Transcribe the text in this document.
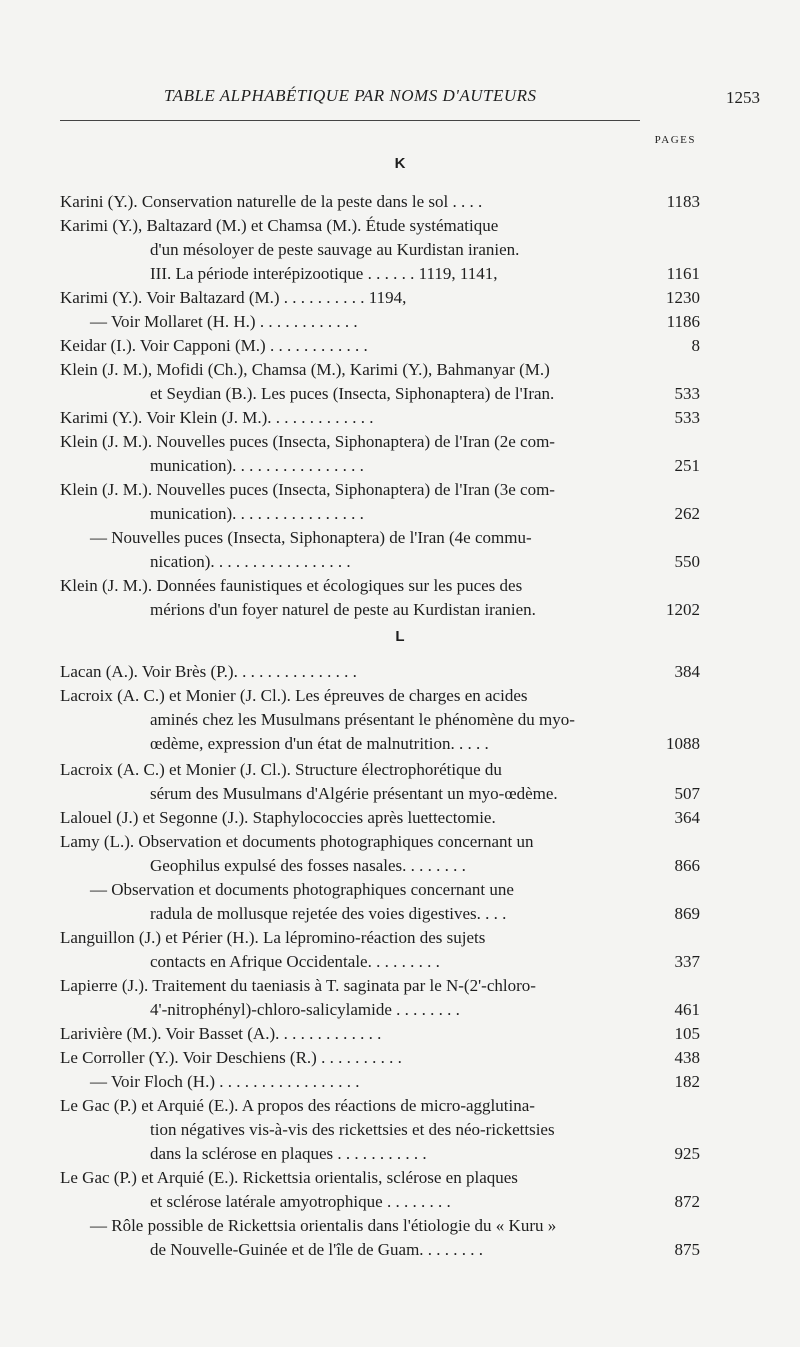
TABLE ALPHABÉTIQUE PAR NOMS D'AUTEURS	1253
PAGES
K
Karini (Y.). Conservation naturelle de la peste dans le sol . . . .	1183
Karimi (Y.), Baltazard (M.) et Chamsa (M.). Étude systématique
d'un mésoloyer de peste sauvage au Kurdistan iranien.
III. La période interépizootique . . . . . . 1119, 1141,	1161
Karimi (Y.). Voir Baltazard (M.) . . . . . . . . . . 1194,	1230
— Voir Mollaret (H. H.) . . . . . . . . . . . .	1186
Keidar (I.). Voir Capponi (M.) . . . . . . . . . . . .	8
Klein (J. M.), Mofidi (Ch.), Chamsa (M.), Karimi (Y.), Bahmanyar (M.)
et Seydian (B.). Les puces (Insecta, Siphonaptera) de l'Iran.	533
Karimi (Y.). Voir Klein (J. M.). . . . . . . . . . . . .	533
Klein (J. M.). Nouvelles puces (Insecta, Siphonaptera) de l'Iran (2e com-
munication). . . . . . . . . . . . . . . .	251
Klein (J. M.). Nouvelles puces (Insecta, Siphonaptera) de l'Iran (3e com-
munication). . . . . . . . . . . . . . . .	262
— Nouvelles puces (Insecta, Siphonaptera) de l'Iran (4e commu-
nication). . . . . . . . . . . . . . . . .	550
Klein (J. M.). Données faunistiques et écologiques sur les puces des
mérions d'un foyer naturel de peste au Kurdistan iranien.	1202
L
Lacan (A.). Voir Brès (P.). . . . . . . . . . . . . . .	384
Lacroix (A. C.) et Monier (J. Cl.). Les épreuves de charges en acides
aminés chez les Musulmans présentant le phénomène du myo-
œdème, expression d'un état de malnutrition. . . . .	1088
Lacroix (A. C.) et Monier (J. Cl.). Structure électrophorétique du
sérum des Musulmans d'Algérie présentant un myo-œdème.	507
Lalouel (J.) et Segonne (J.). Staphylococcies après luettectomie.	364
Lamy (L.). Observation et documents photographiques concernant un
Geophilus expulsé des fosses nasales. . . . . . . .	866
— Observation et documents photographiques concernant une
radula de mollusque rejetée des voies digestives. . . .	869
Languillon (J.) et Périer (H.). La lépromino-réaction des sujets
contacts en Afrique Occidentale. . . . . . . . .	337
Lapierre (J.). Traitement du taeniasis à T. saginata par le N-(2'-chloro-
4'-nitrophényl)-chloro-salicylamide . . . . . . . .	461
Larivière (M.). Voir Basset (A.). . . . . . . . . . . . .	105
Le Corroller (Y.). Voir Deschiens (R.) . . . . . . . . . .	438
— Voir Floch (H.) . . . . . . . . . . . . . . . . .	182
Le Gac (P.) et Arquié (E.). A propos des réactions de micro-agglutina-
tion négatives vis-à-vis des rickettsies et des néo-rickettsies
dans la sclérose en plaques . . . . . . . . . . .	925
Le Gac (P.) et Arquié (E.). Rickettsia orientalis, sclérose en plaques
et sclérose latérale amyotrophique . . . . . . . .	872
— Rôle possible de Rickettsia orientalis dans l'étiologie du « Kuru »
de Nouvelle-Guinée et de l'île de Guam. . . . . . . .	875
